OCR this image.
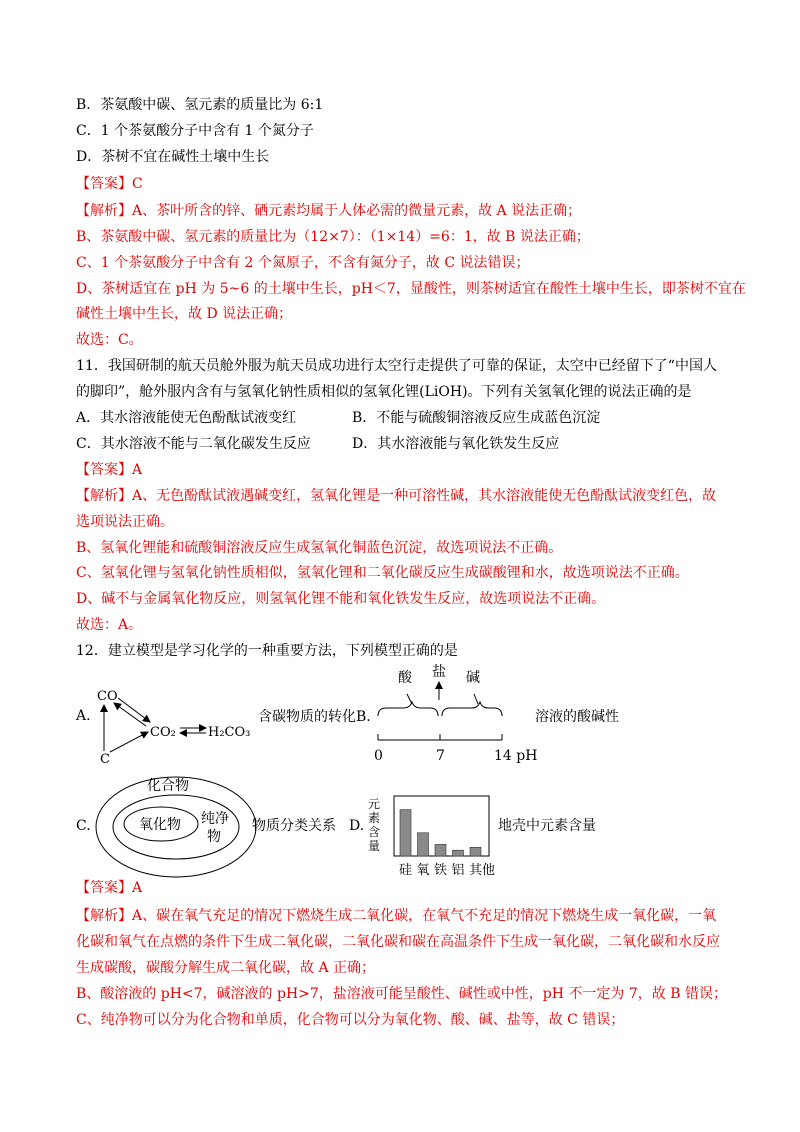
B．茶氨酸中碳、氢元素的质量比为 6:1
C．1 个茶氨酸分子中含有 1 个氮分子
D．茶树不宜在碱性土壤中生长
【答案】C
【解析】A、茶叶所含的锌、硒元素均属于人体必需的微量元素，故 A 说法正确；
B、茶氨酸中碳、氢元素的质量比为（12×7）：（1×14）=6：1，故 B 说法正确；
C、1 个茶氨酸分子中含有 2 个氮原子，不含有氮分子，故 C 说法错误；
D、茶树适宜在 pH 为 5~6 的土壤中生长，pH＜7，显酸性，则茶树适宜在酸性土壤中生长，即茶树不宜在
碱性土壤中生长，故 D 说法正确；
故选：C。
11．我国研制的航天员舱外服为航天员成功进行太空行走提供了可靠的保证，太空中已经留下了“中国人
的脚印”，舱外服内含有与氢氧化钠性质相似的氢氧化锂(LiOH)。下列有关氢氧化锂的说法正确的是
A．其水溶液能使无色酚酞试液变红	B．不能与硫酸铜溶液反应生成蓝色沉淀
C．其水溶液不能与二氧化碳发生反应	D．其水溶液能与氧化铁发生反应
【答案】A
【解析】A、无色酚酞试液遇碱变红，氢氧化锂是一种可溶性碱，其水溶液能使无色酚酞试液变红色，故
选项说法正确。
B、氢氧化锂能和硫酸铜溶液反应生成氢氧化铜蓝色沉淀，故选项说法不正确。
C、氢氧化锂与氢氧化钠性质相似，氢氧化锂和二氧化碳反应生成碳酸锂和水，故选项说法不正确。
D、碱不与金属氧化物反应，则氢氧化锂不能和氧化铁发生反应，故选项说法不正确。
故选：A。
12．建立模型是学习化学的一种重要方法，下列模型正确的是
A.
CO
CO₂ H₂CO₃
C
含碳物质的转化 B.
酸 盐 碱
0	7	14 pH
溶液的酸碱性
C.
化合物
氧化物 纯净
物
物质分类关系 D.
元
素
含
量
硅 氧 铁 铝 其他
地壳中元素含量
【答案】A
【解析】A、碳在氧气充足的情况下燃烧生成二氧化碳，在氧气不充足的情况下燃烧生成一氧化碳，一氧
化碳和氧气在点燃的条件下生成二氧化碳，二氧化碳和碳在高温条件下生成一氧化碳，二氧化碳和水反应
生成碳酸，碳酸分解生成二氧化碳，故 A 正确；
B、酸溶液的 pH<7，碱溶液的 pH>7，盐溶液可能呈酸性、碱性或中性，pH 不一定为 7，故 B 错误；
C、纯净物可以分为化合物和单质，化合物可以分为氧化物、酸、碱、盐等，故 C 错误；
